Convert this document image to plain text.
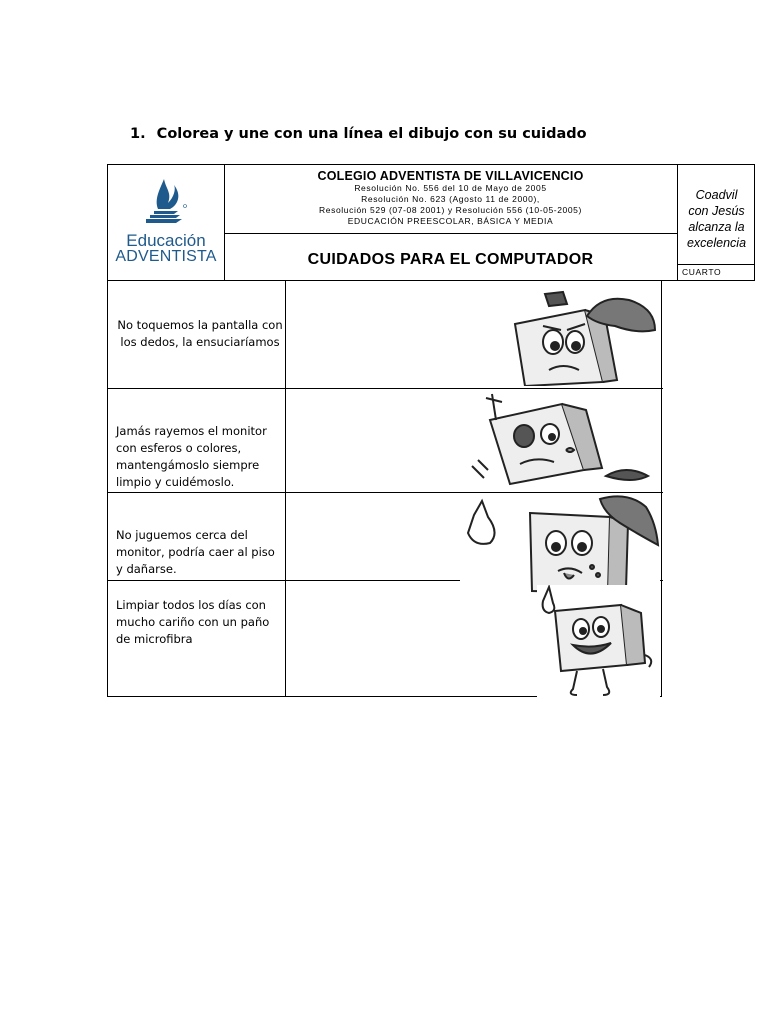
1. Colorea y une con una línea el dibujo con su cuidado
Educación
ADVENTISTA
COLEGIO ADVENTISTA DE VILLAVICENCIO
Resolución No. 556 del 10 de Mayo de 2005
Resolución No. 623 (Agosto 11 de 2000),
Resolución 529 (07-08 2001) y Resolución 556 (10-05-2005)
EDUCACIÓN PREESCOLAR, BÁSICA Y MEDIA
CUIDADOS PARA EL COMPUTADOR
Coadvil
con Jesús
alcanza la
excelencia
CUARTO
No toquemos la pantalla con los dedos, la ensuciaríamos
Jamás rayemos el monitor con esferos o colores, mantengámoslo siempre limpio y cuidémoslo.
No juguemos cerca del monitor, podría caer al piso y dañarse.
Limpiar todos los días con mucho cariño con un paño de microfibra
